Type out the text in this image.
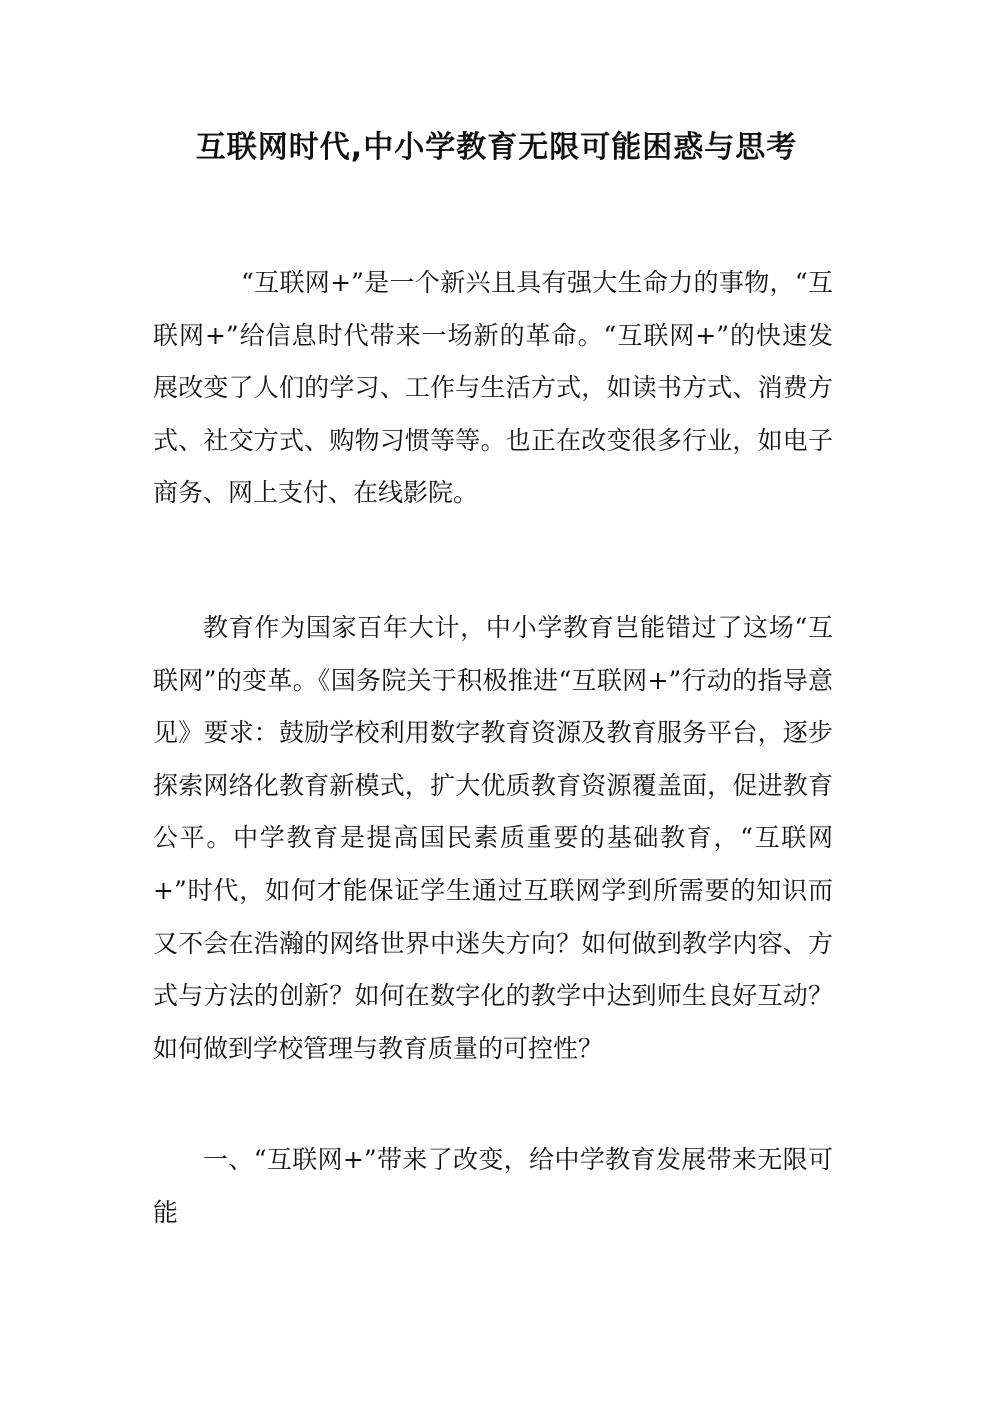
互联网时代,中小学教育无限可能困惑与思考

“互联网+”是一个新兴且具有强大生命力的事物，“互联网+”给信息时代带来一场新的革命。“互联网+”的快速发展改变了人们的学习、工作与生活方式，如读书方式、消费方式、社交方式、购物习惯等等。也正在改变很多行业，如电子商务、网上支付、在线影院。

教育作为国家百年大计，中小学教育岂能错过了这场“互联网”的变革。《国务院关于积极推进“互联网+”行动的指导意见》要求：鼓励学校利用数字教育资源及教育服务平台，逐步探索网络化教育新模式，扩大优质教育资源覆盖面，促进教育公平。中学教育是提高国民素质重要的基础教育，“互联网+”时代，如何才能保证学生通过互联网学到所需要的知识而又不会在浩瀚的网络世界中迷失方向？如何做到教学内容、方式与方法的创新？如何在数字化的教学中达到师生良好互动？如何做到学校管理与教育质量的可控性？

一、“互联网+”带来了改变，给中学教育发展带来无限可能
